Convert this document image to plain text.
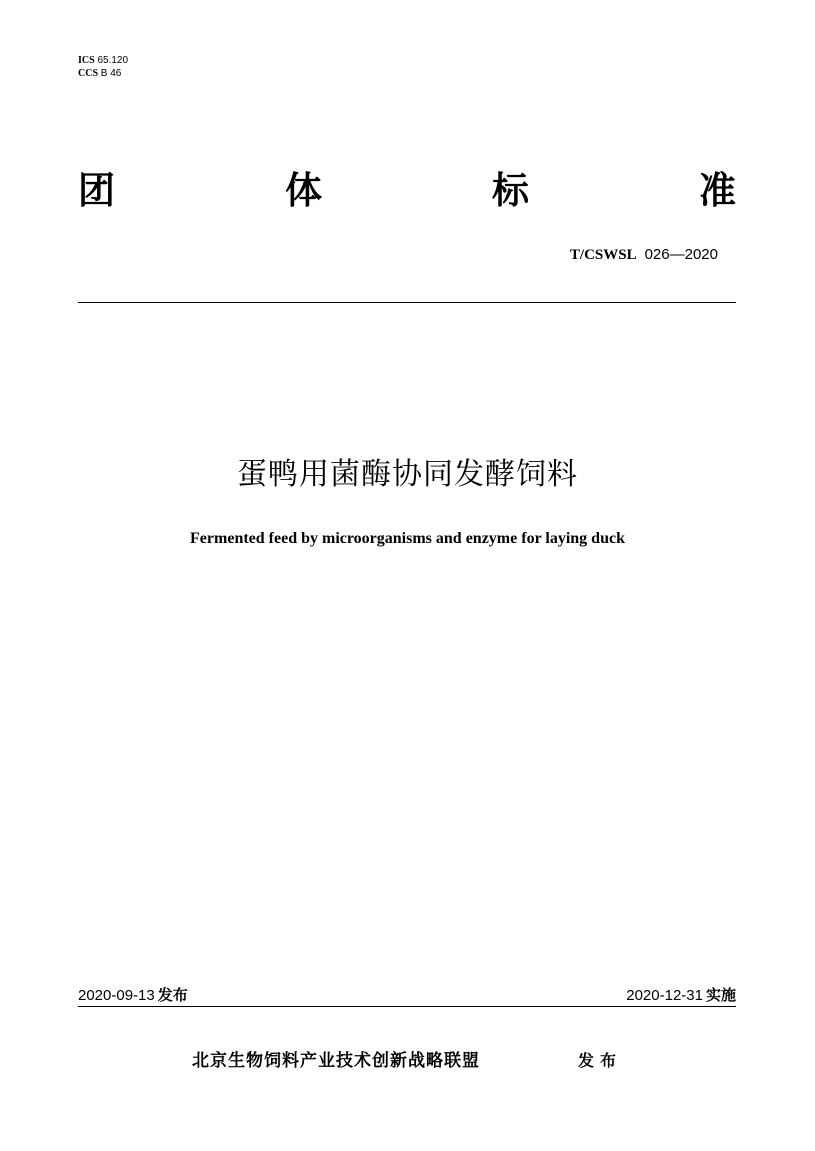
ICS 65.120
CCS B 46
团	体	标	准
T/CSWSL 026—2020
蛋鸭用菌酶协同发酵饲料
Fermented feed by microorganisms and enzyme for laying duck
2020-09-13 发布	2020-12-31 实施
北京生物饲料产业技术创新战略联盟	发布
